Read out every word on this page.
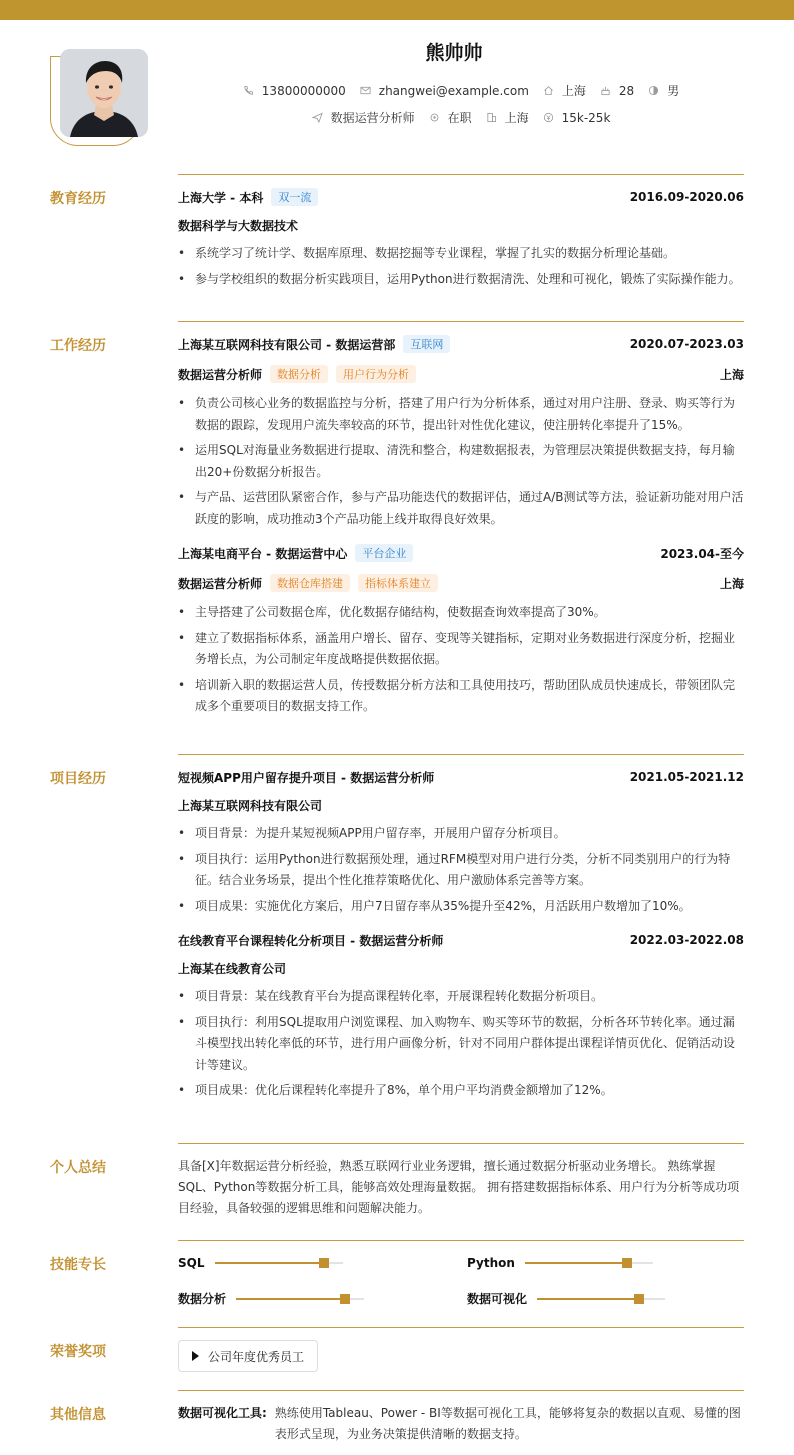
熊帅帅
13800000000	zhangwei@example.com	上海	28	男
数据运营分析师	在职	上海	15k-25k
教育经历	上海大学 - 本科	双一流	2016.09-2020.06
数据科学与大数据技术
• 系统学习了统计学、数据库原理、数据挖掘等专业课程，掌握了扎实的数据分析理论基础。
• 参与学校组织的数据分析实践项目，运用Python进行数据清洗、处理和可视化，锻炼了实际操作能力。
工作经历	上海某互联网科技有限公司 - 数据运营部	互联网	2020.07-2023.03
数据运营分析师	数据分析	用户行为分析	上海
• 负责公司核心业务的数据监控与分析，搭建了用户行为分析体系，通过对用户注册、登录、购买等行为数据的跟踪，发现用户流失率较高的环节，提出针对性优化建议，使注册转化率提升了15%。
• 运用SQL对海量业务数据进行提取、清洗和整合，构建数据报表，为管理层决策提供数据支持，每月输出20+份数据分析报告。
• 与产品、运营团队紧密合作，参与产品功能迭代的数据评估，通过A/B测试等方法，验证新功能对用户活跃度的影响，成功推动3个产品功能上线并取得良好效果。
上海某电商平台 - 数据运营中心	平台企业	2023.04-至今
数据运营分析师	数据仓库搭建	指标体系建立	上海
• 主导搭建了公司数据仓库，优化数据存储结构，使数据查询效率提高了30%。
• 建立了数据指标体系，涵盖用户增长、留存、变现等关键指标，定期对业务数据进行深度分析，挖掘业务增长点，为公司制定年度战略提供数据依据。
• 培训新入职的数据运营人员，传授数据分析方法和工具使用技巧，帮助团队成员快速成长，带领团队完成多个重要项目的数据支持工作。
项目经历	短视频APP用户留存提升项目 - 数据运营分析师	2021.05-2021.12
上海某互联网科技有限公司
• 项目背景：为提升某短视频APP用户留存率，开展用户留存分析项目。
• 项目执行：运用Python进行数据预处理，通过RFM模型对用户进行分类，分析不同类别用户的行为特征。结合业务场景，提出个性化推荐策略优化、用户激励体系完善等方案。
• 项目成果：实施优化方案后，用户7日留存率从35%提升至42%，月活跃用户数增加了10%。
在线教育平台课程转化分析项目 - 数据运营分析师	2022.03-2022.08
上海某在线教育公司
• 项目背景：某在线教育平台为提高课程转化率，开展课程转化数据分析项目。
• 项目执行：利用SQL提取用户浏览课程、加入购物车、购买等环节的数据，分析各环节转化率。通过漏斗模型找出转化率低的环节，进行用户画像分析，针对不同用户群体提出课程详情页优化、促销活动设计等建议。
• 项目成果：优化后课程转化率提升了8%，单个用户平均消费金额增加了12%。
个人总结	具备[X]年数据运营分析经验，熟悉互联网行业业务逻辑，擅长通过数据分析驱动业务增长。 熟练掌握SQL、Python等数据分析工具，能够高效处理海量数据。 拥有搭建数据指标体系、用户行为分析等成功项目经验，具备较强的逻辑思维和问题解决能力。
技能专长	SQL	Python
数据分析	数据可视化
荣誉奖项	公司年度优秀员工
其他信息	数据可视化工具: 熟练使用Tableau、Power - BI等数据可视化工具，能够将复杂的数据以直观、易懂的图表形式呈现，为业务决策提供清晰的数据支持。
